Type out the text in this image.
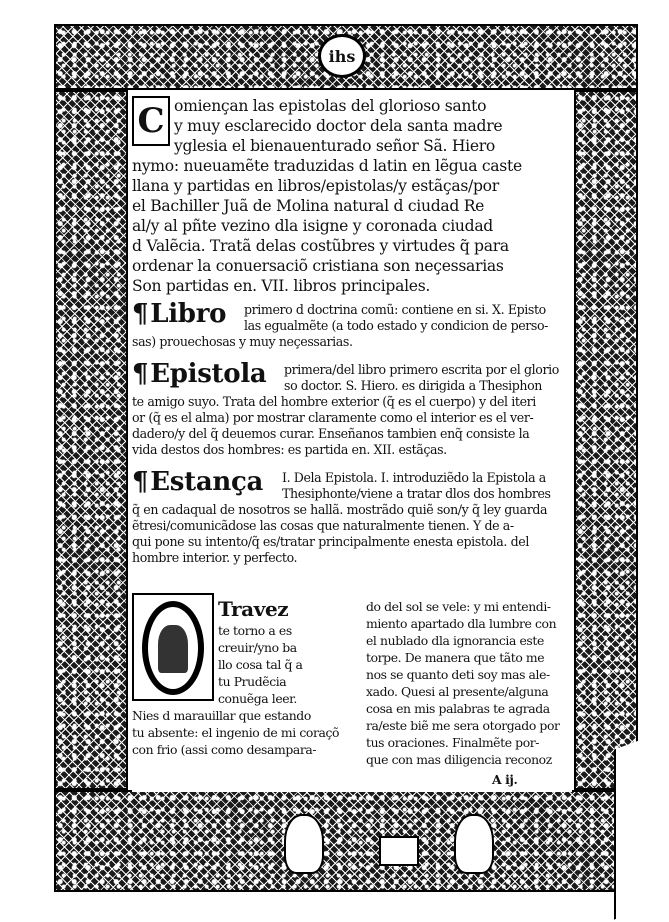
ihs
C omiençan las epistolas del glorioso santo
y muy esclarecido doctor dela santa madre
yglesia el bienauenturado señor Sã. Hiero
nymo: nueuamẽte traduzidas d latin en lẽgua caste
llana y partidas en libros/epistolas/y estãças/por
el Bachiller Juã de Molina natural d ciudad Re
al/y al pñte vezino dla isigne y coronada ciudad
d Valẽcia. Tratã delas costũbres y virtudes q̃ para
ordenar la conuersaciõ cristiana son neçessarias
Son partidas en. VII. libros principales.
¶Libro primero d doctrina comũ: contiene en si. X. Episto
las egualmẽte (a todo estado y condicion de perso-
sas) prouechosas y muy neçessarias.
¶Epistola primera/del libro primero escrita por el glorio
so doctor. S. Hiero. es dirigida a Thesiphon
te amigo suyo. Trata del hombre exterior (q̃ es el cuerpo) y del iteri
or (q̃ es el alma) por mostrar claramente como el interior es el ver-
dadero/y del q̃ deuemos curar. Enseñanos tambien enq̃ consiste la
vida destos dos hombres: es partida en. XII. estãças.
¶Estança I. Dela Epistola. I. introduziẽdo la Epistola a
Thesiphonte/viene a tratar dlos dos hombres
q̃ en cadaqual de nosotros se hallã. mostrãdo quiẽ son/y q̃ ley guarda
ẽtresi/comunicãdose las cosas que naturalmente tienen. Y de a-
qui pone su intento/q̃ es/tratar principalmente enesta epistola. del
hombre interior. y perfecto.
O
Travez
te torno a es
creuir/yno ba
llo cosa tal q̃ a
tu Prudẽcia
conuẽga leer.
Nies d marauillar que estando
tu absente: el ingenio de mi coraçõ
con frio (assi como desampara-
do del sol se vele: y mi entendi-
miento apartado dla lumbre con
el nublado dla ignorancia este
torpe. De manera que tãto me
nos se quanto deti soy mas ale-
xado. Quesi al presente/alguna
cosa en mis palabras te agrada
ra/este biẽ me sera otorgado por
tus oraciones. Finalmẽte por-
que con mas diligencia reconoz
A ij.
